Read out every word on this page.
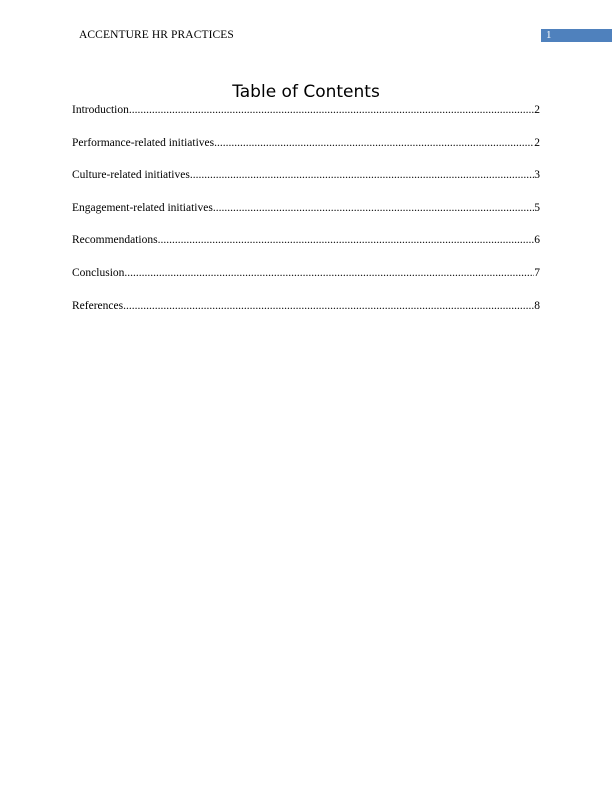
ACCENTURE HR PRACTICES	1
Table of Contents
Introduction .....	2
Performance-related initiatives .....	2
Culture-related initiatives .....	3
Engagement-related initiatives .....	5
Recommendations .....	6
Conclusion .....	7
References .....	8
